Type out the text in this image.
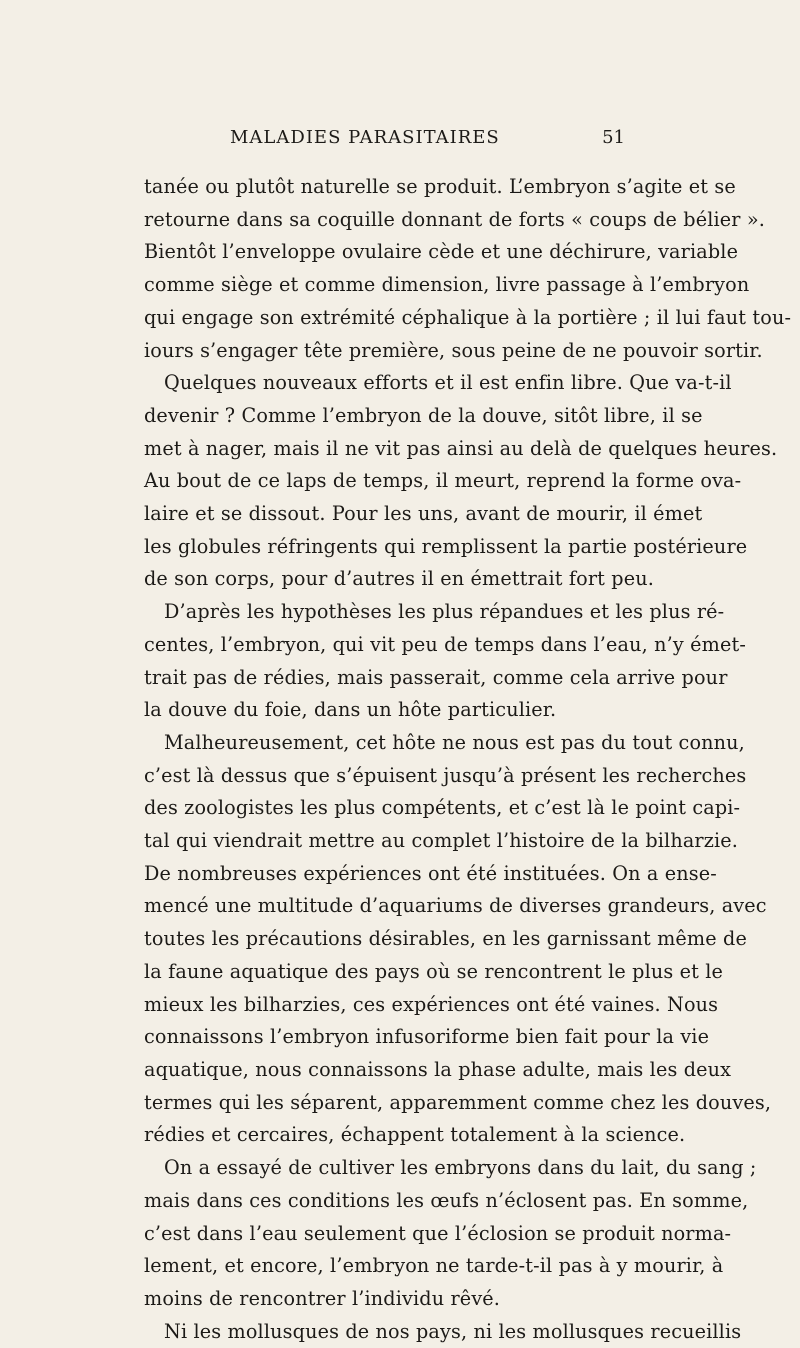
MALADIES PARASITAIRES	51
tanée ou plutôt naturelle se produit. L’embryon s’agite et se
retourne dans sa coquille donnant de forts « coups de bélier ».
Bientôt l’enveloppe ovulaire cède et une déchirure, variable
comme siège et comme dimension, livre passage à l’embryon
qui engage son extrémité céphalique à la portière ; il lui faut tou-
iours s’engager tête première, sous peine de ne pouvoir sortir.
Quelques nouveaux efforts et il est enfin libre. Que va-t-il
devenir ? Comme l’embryon de la douve, sitôt libre, il se
met à nager, mais il ne vit pas ainsi au delà de quelques heures.
Au bout de ce laps de temps, il meurt, reprend la forme ova-
laire et se dissout. Pour les uns, avant de mourir, il émet
les globules réfringents qui remplissent la partie postérieure
de son corps, pour d’autres il en émettrait fort peu.
D’après les hypothèses les plus répandues et les plus ré-
centes, l’embryon, qui vit peu de temps dans l’eau, n’y émet-
trait pas de rédies, mais passerait, comme cela arrive pour
la douve du foie, dans un hôte particulier.
Malheureusement, cet hôte ne nous est pas du tout connu,
c’est là dessus que s’épuisent jusqu’à présent les recherches
des zoologistes les plus compétents, et c’est là le point capi-
tal qui viendrait mettre au complet l’histoire de la bilharzie.
De nombreuses expériences ont été instituées. On a ense-
mencé une multitude d’aquariums de diverses grandeurs, avec
toutes les précautions désirables, en les garnissant même de
la faune aquatique des pays où se rencontrent le plus et le
mieux les bilharzies, ces expériences ont été vaines. Nous
connaissons l’embryon infusoriforme bien fait pour la vie
aquatique, nous connaissons la phase adulte, mais les deux
termes qui les séparent, apparemment comme chez les douves,
rédies et cercaires, échappent totalement à la science.
On a essayé de cultiver les embryons dans du lait, du sang ;
mais dans ces conditions les œufs n’éclosent pas. En somme,
c’est dans l’eau seulement que l’éclosion se produit norma-
lement, et encore, l’embryon ne tarde-t-il pas à y mourir, à
moins de rencontrer l’individu rêvé.
Ni les mollusques de nos pays, ni les mollusques recueillis
